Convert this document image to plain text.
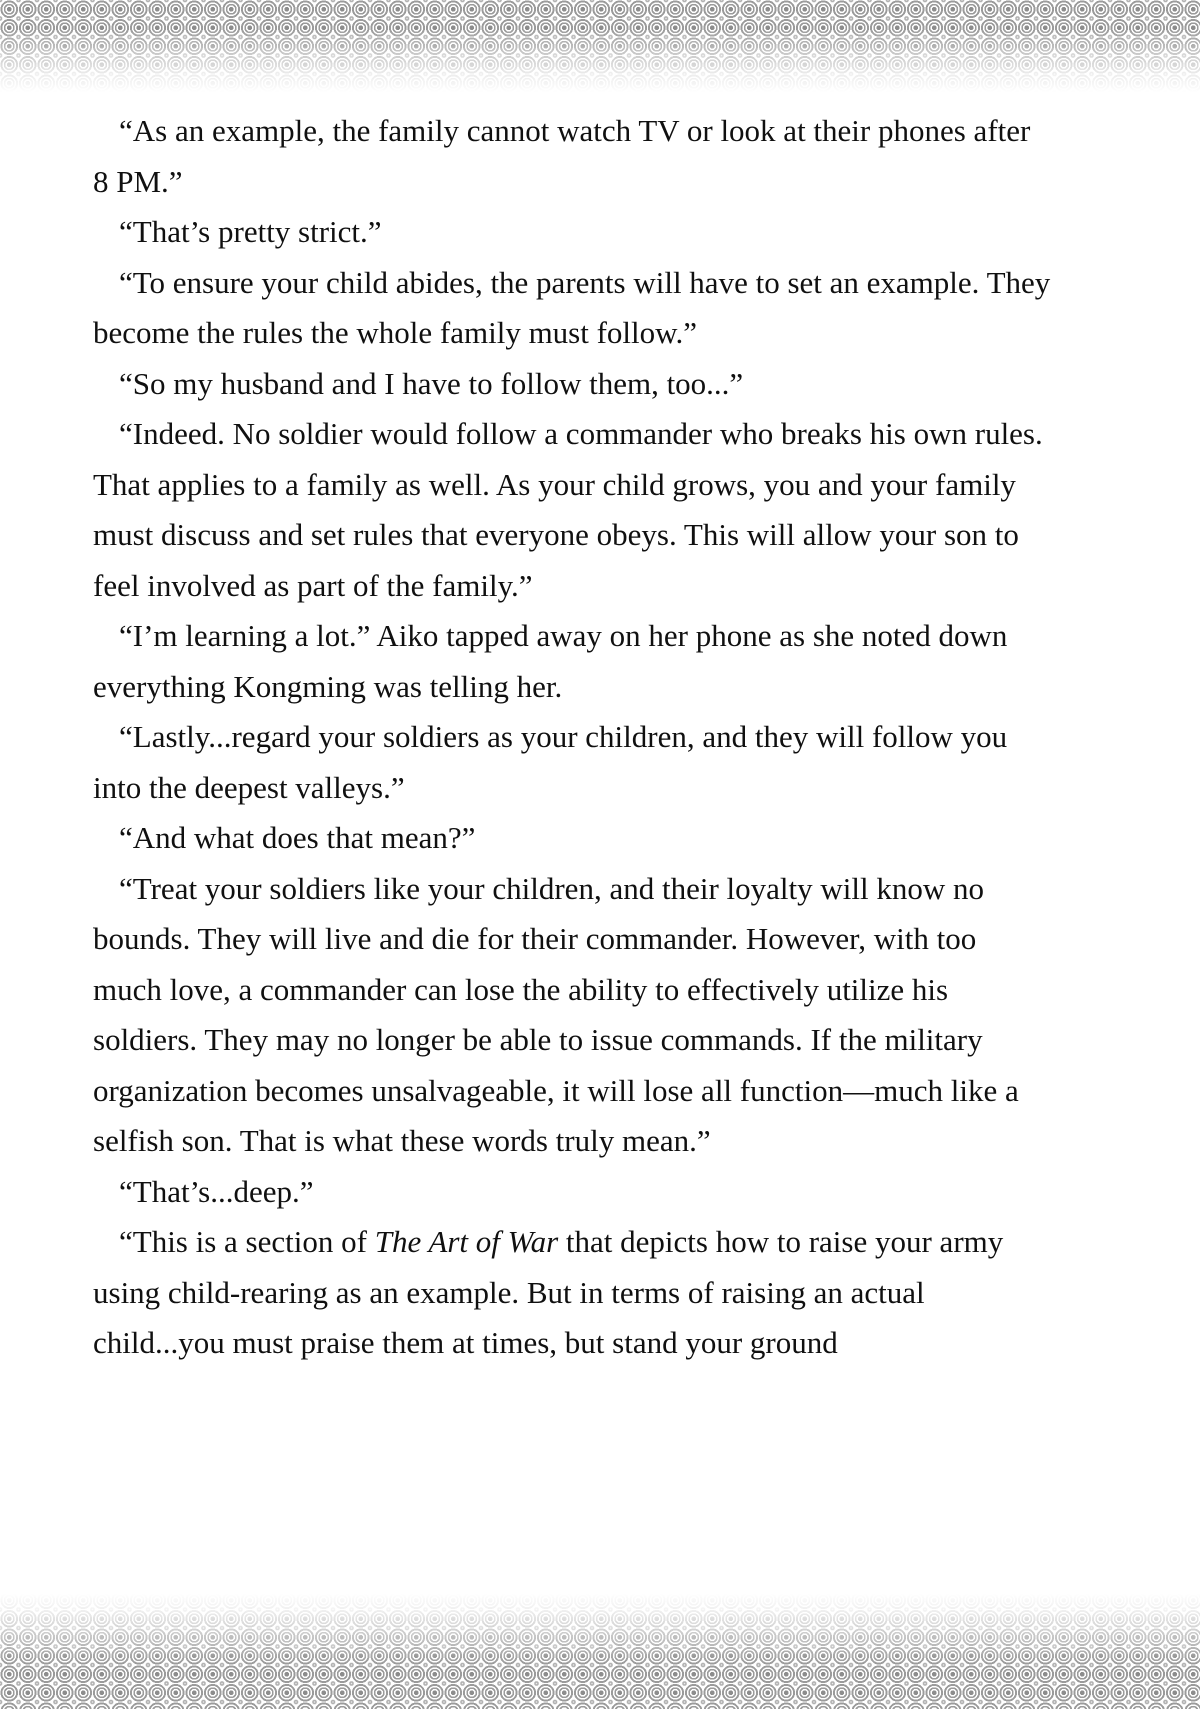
“As an example, the family cannot watch TV or look at their phones after 8 PM.”

“That’s pretty strict.”

“To ensure your child abides, the parents will have to set an example. They become the rules the whole family must follow.”

“So my husband and I have to follow them, too...”

“Indeed. No soldier would follow a commander who breaks his own rules. That applies to a family as well. As your child grows, you and your family must discuss and set rules that everyone obeys. This will allow your son to feel involved as part of the family.”

“I’m learning a lot.” Aiko tapped away on her phone as she noted down everything Kongming was telling her.

“Lastly...regard your soldiers as your children, and they will follow you into the deepest valleys.”

“And what does that mean?”

“Treat your soldiers like your children, and their loyalty will know no bounds. They will live and die for their commander. However, with too much love, a commander can lose the ability to effectively utilize his soldiers. They may no longer be able to issue commands. If the military organization becomes unsalvageable, it will lose all function—much like a selfish son. That is what these words truly mean.”

“That’s...deep.”

“This is a section of The Art of War that depicts how to raise your army using child-rearing as an example. But in terms of raising an actual child...you must praise them at times, but stand your ground
